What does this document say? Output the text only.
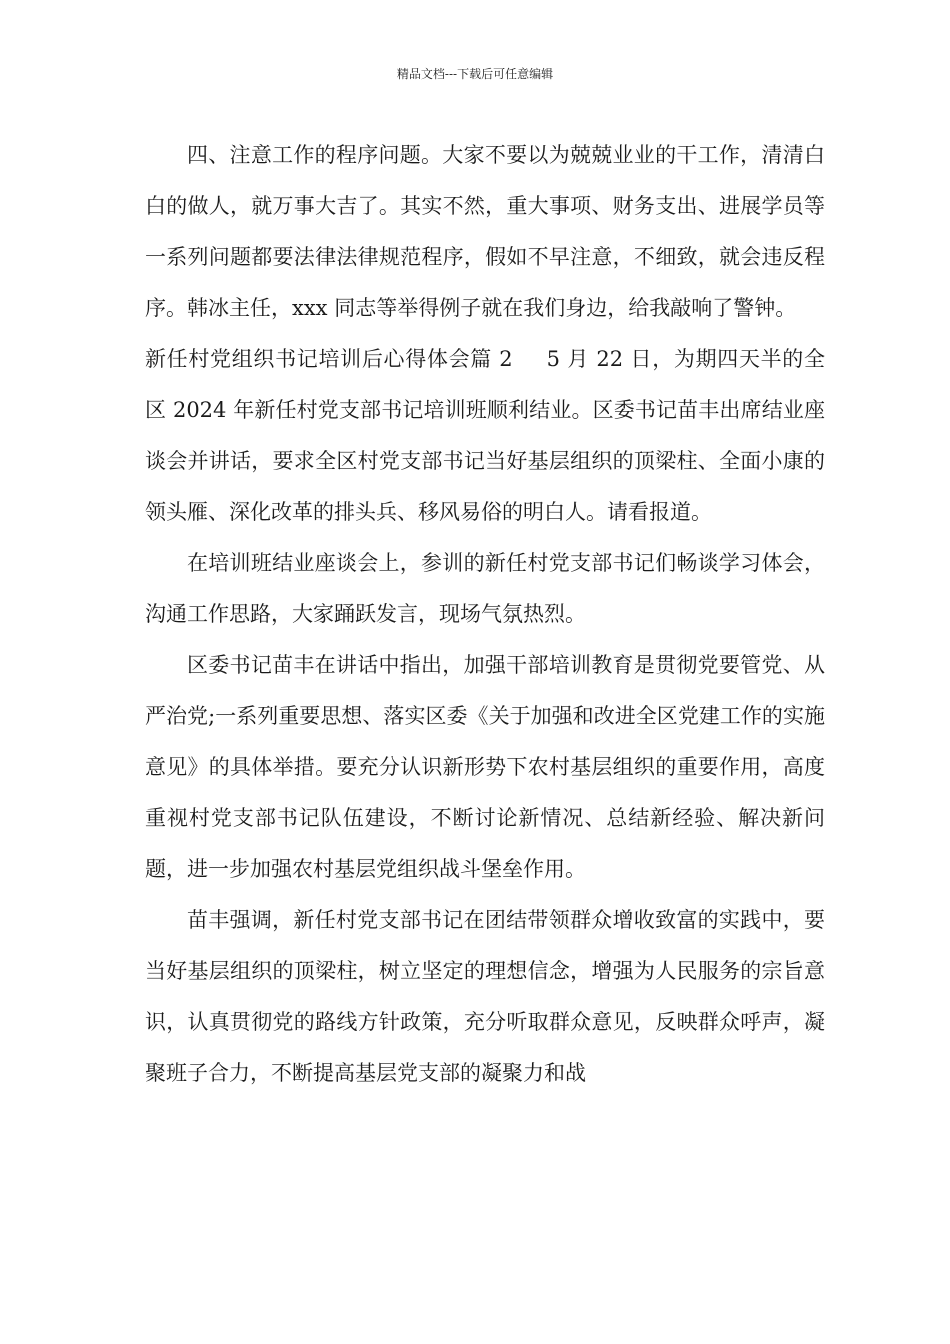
精品文档---下载后可任意编辑

四、注意工作的程序问题。大家不要以为兢兢业业的干工作，清清白白的做人，就万事大吉了。其实不然，重大事项、财务支出、进展学员等一系列问题都要法律法律规范程序，假如不早注意，不细致，就会违反程序。韩冰主任，xxx 同志等举得例子就在我们身边，给我敲响了警钟。

新任村党组织书记培训后心得体会篇 2 5 月 22 日，为期四天半的全区 2024 年新任村党支部书记培训班顺利结业。区委书记苗丰出席结业座谈会并讲话，要求全区村党支部书记当好基层组织的顶梁柱、全面小康的领头雁、深化改革的排头兵、移风易俗的明白人。请看报道。

在培训班结业座谈会上，参训的新任村党支部书记们畅谈学习体会，沟通工作思路，大家踊跃发言，现场气氛热烈。

区委书记苗丰在讲话中指出，加强干部培训教育是贯彻党要管党、从严治党;一系列重要思想、落实区委《关于加强和改进全区党建工作的实施意见》的具体举措。要充分认识新形势下农村基层组织的重要作用，高度重视村党支部书记队伍建设，不断讨论新情况、总结新经验、解决新问题，进一步加强农村基层党组织战斗堡垒作用。

苗丰强调，新任村党支部书记在团结带领群众增收致富的实践中，要当好基层组织的顶梁柱，树立坚定的理想信念，增强为人民服务的宗旨意识，认真贯彻党的路线方针政策，充分听取群众意见，反映群众呼声，凝聚班子合力，不断提高基层党支部的凝聚力和战
